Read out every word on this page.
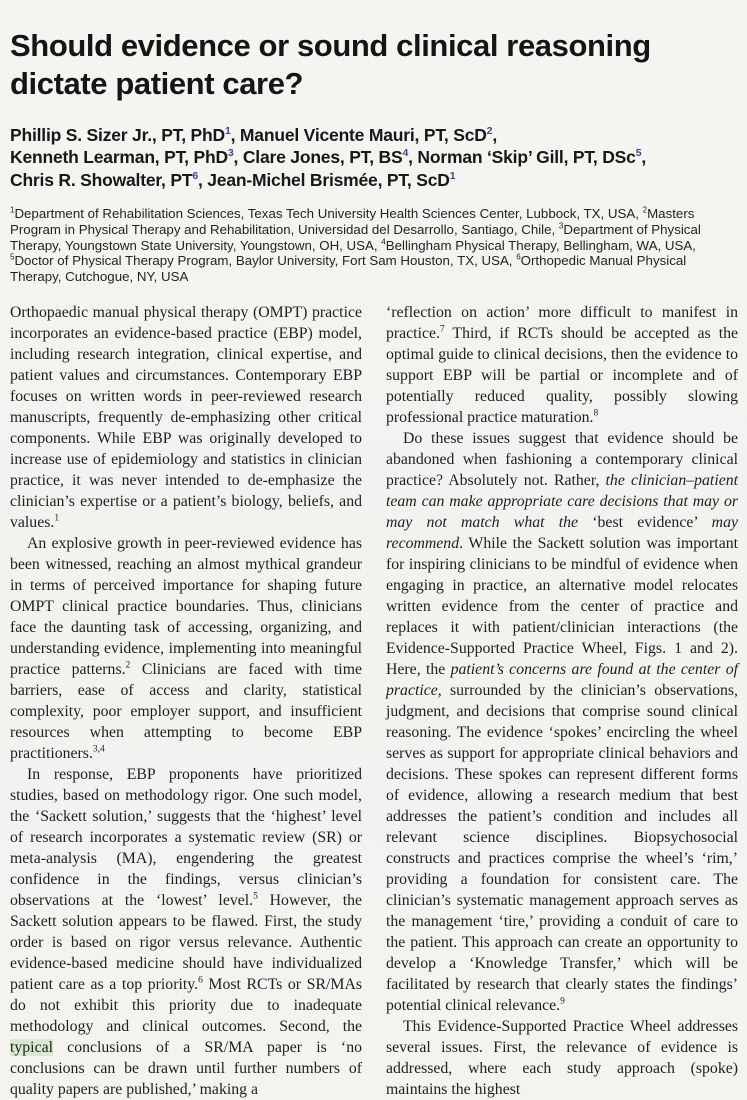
Should evidence or sound clinical reasoning
dictate patient care?
Phillip S. Sizer Jr., PT, PhD$^1$, Manuel Vicente Mauri, PT, ScD$^2$,
Kenneth Learman, PT, PhD$^3$, Clare Jones, PT, $BS^4$, Norman ‘Skip’ Gill, PT, DSc$^5$,
Chris R. Showalter, $PT^6$, Jean-Michel Brismée, PT, ScD$^1$
$^1$Department of Rehabilitation Sciences, Texas Tech University Health Sciences Center, Lubbock, TX, USA, $^2$Masters Program in Physical Therapy and Rehabilitation, Universidad del Desarrollo, Santiago, Chile, $^3$Department of Physical Therapy, Youngstown State University, Youngstown, OH, USA, $^4$Bellingham Physical Therapy, Bellingham, WA, USA, $^5$Doctor of Physical Therapy Program, Baylor University, Fort Sam Houston, TX, USA, $^6$Orthopedic Manual Physical Therapy, Cutchogue, NY, USA

Orthopaedic manual physical therapy (OMPT) practice incorporates an evidence-based practice (EBP) model, including research integration, clinical expertise, and patient values and circumstances. Contemporary EBP focuses on written words in peer-reviewed research manuscripts, frequently de-emphasizing other critical components. While EBP was originally developed to increase use of epidemiology and statistics in clinician practice, it was never intended to de-emphasize the clinician’s expertise or a patient’s biology, beliefs, and values.$^1$

An explosive growth in peer-reviewed evidence has been witnessed, reaching an almost mythical grandeur in terms of perceived importance for shaping future OMPT clinical practice boundaries. Thus, clinicians face the daunting task of accessing, organizing, and understanding evidence, implementing into meaningful practice patterns.$^2$ Clinicians are faced with time barriers, ease of access and clarity, statistical complexity, poor employer support, and insufficient resources when attempting to become EBP practitioners.$^{3,4}$

In response, EBP proponents have prioritized studies, based on methodology rigor. One such model, the ‘Sackett solution,’ suggests that the ‘highest’ level of research incorporates a systematic review (SR) or meta-analysis (MA), engendering the greatest confidence in the findings, versus clinician’s observations at the ‘lowest’ level.$^5$ However, the Sackett solution appears to be flawed. First, the study order is based on rigor versus relevance. Authentic evidence-based medicine should have individualized patient care as a top priority.$^6$ Most RCTs or SR/MAs do not exhibit this priority due to inadequate methodology and clinical outcomes. Second, the typical conclusions of a SR/MA paper is ‘no conclusions can be drawn until further numbers of quality papers are published,’ making a

‘reflection on action’ more difficult to manifest in practice.$^7$ Third, if RCTs should be accepted as the optimal guide to clinical decisions, then the evidence to support EBP will be partial or incomplete and of potentially reduced quality, possibly slowing professional practice maturation.$^8$

Do these issues suggest that evidence should be abandoned when fashioning a contemporary clinical practice? Absolutely not. Rather, the clinician–patient team can make appropriate care decisions that may or may not match what the ‘best evidence’ may recommend. While the Sackett solution was important for inspiring clinicians to be mindful of evidence when engaging in practice, an alternative model relocates written evidence from the center of practice and replaces it with patient/clinician interactions (the Evidence-Supported Practice Wheel, Figs. 1 and 2). Here, the patient’s concerns are found at the center of practice, surrounded by the clinician’s observations, judgment, and decisions that comprise sound clinical reasoning. The evidence ‘spokes’ encircling the wheel serves as support for appropriate clinical behaviors and decisions. These spokes can represent different forms of evidence, allowing a research medium that best addresses the patient’s condition and includes all relevant science disciplines. Biopsychosocial constructs and practices comprise the wheel’s ‘rim,’ providing a foundation for consistent care. The clinician’s systematic management approach serves as the management ‘tire,’ providing a conduit of care to the patient. This approach can create an opportunity to develop a ‘Knowledge Transfer,’ which will be facilitated by research that clearly states the findings’ potential clinical relevance.$^9$

This Evidence-Supported Practice Wheel addresses several issues. First, the relevance of evidence is addressed, where each study approach (spoke) maintains the highest
